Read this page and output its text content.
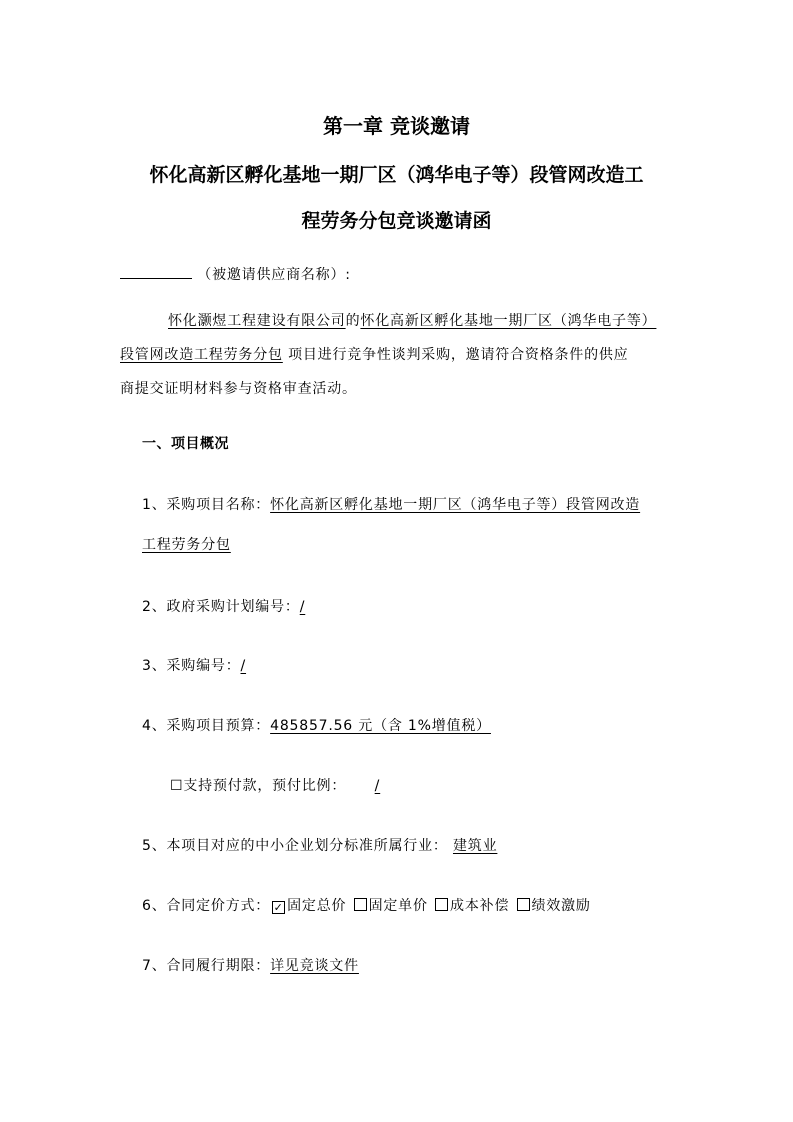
第一章 竞谈邀请
怀化高新区孵化基地一期厂区（鸿华电子等）段管网改造工
程劳务分包竞谈邀请函
（被邀请供应商名称）:
怀化灏煜工程建设有限公司的怀化高新区孵化基地一期厂区（鸿华电子等）
段管网改造工程劳务分包 项目进行竞争性谈判采购，邀请符合资格条件的供应
商提交证明材料参与资格审查活动。
一、项目概况
1、采购项目名称：怀化高新区孵化基地一期厂区（鸿华电子等）段管网改造
工程劳务分包
2、政府采购计划编号：/
3、采购编号：/
4、采购项目预算：485857.56 元（含 1%增值税）
☐支持预付款，预付比例： /
5、本项目对应的中小企业划分标准所属行业： 建筑业
6、合同定价方式： ✓ 固定总价 固定单价 成本补偿 绩效激励
7、合同履行期限：详见竞谈文件
